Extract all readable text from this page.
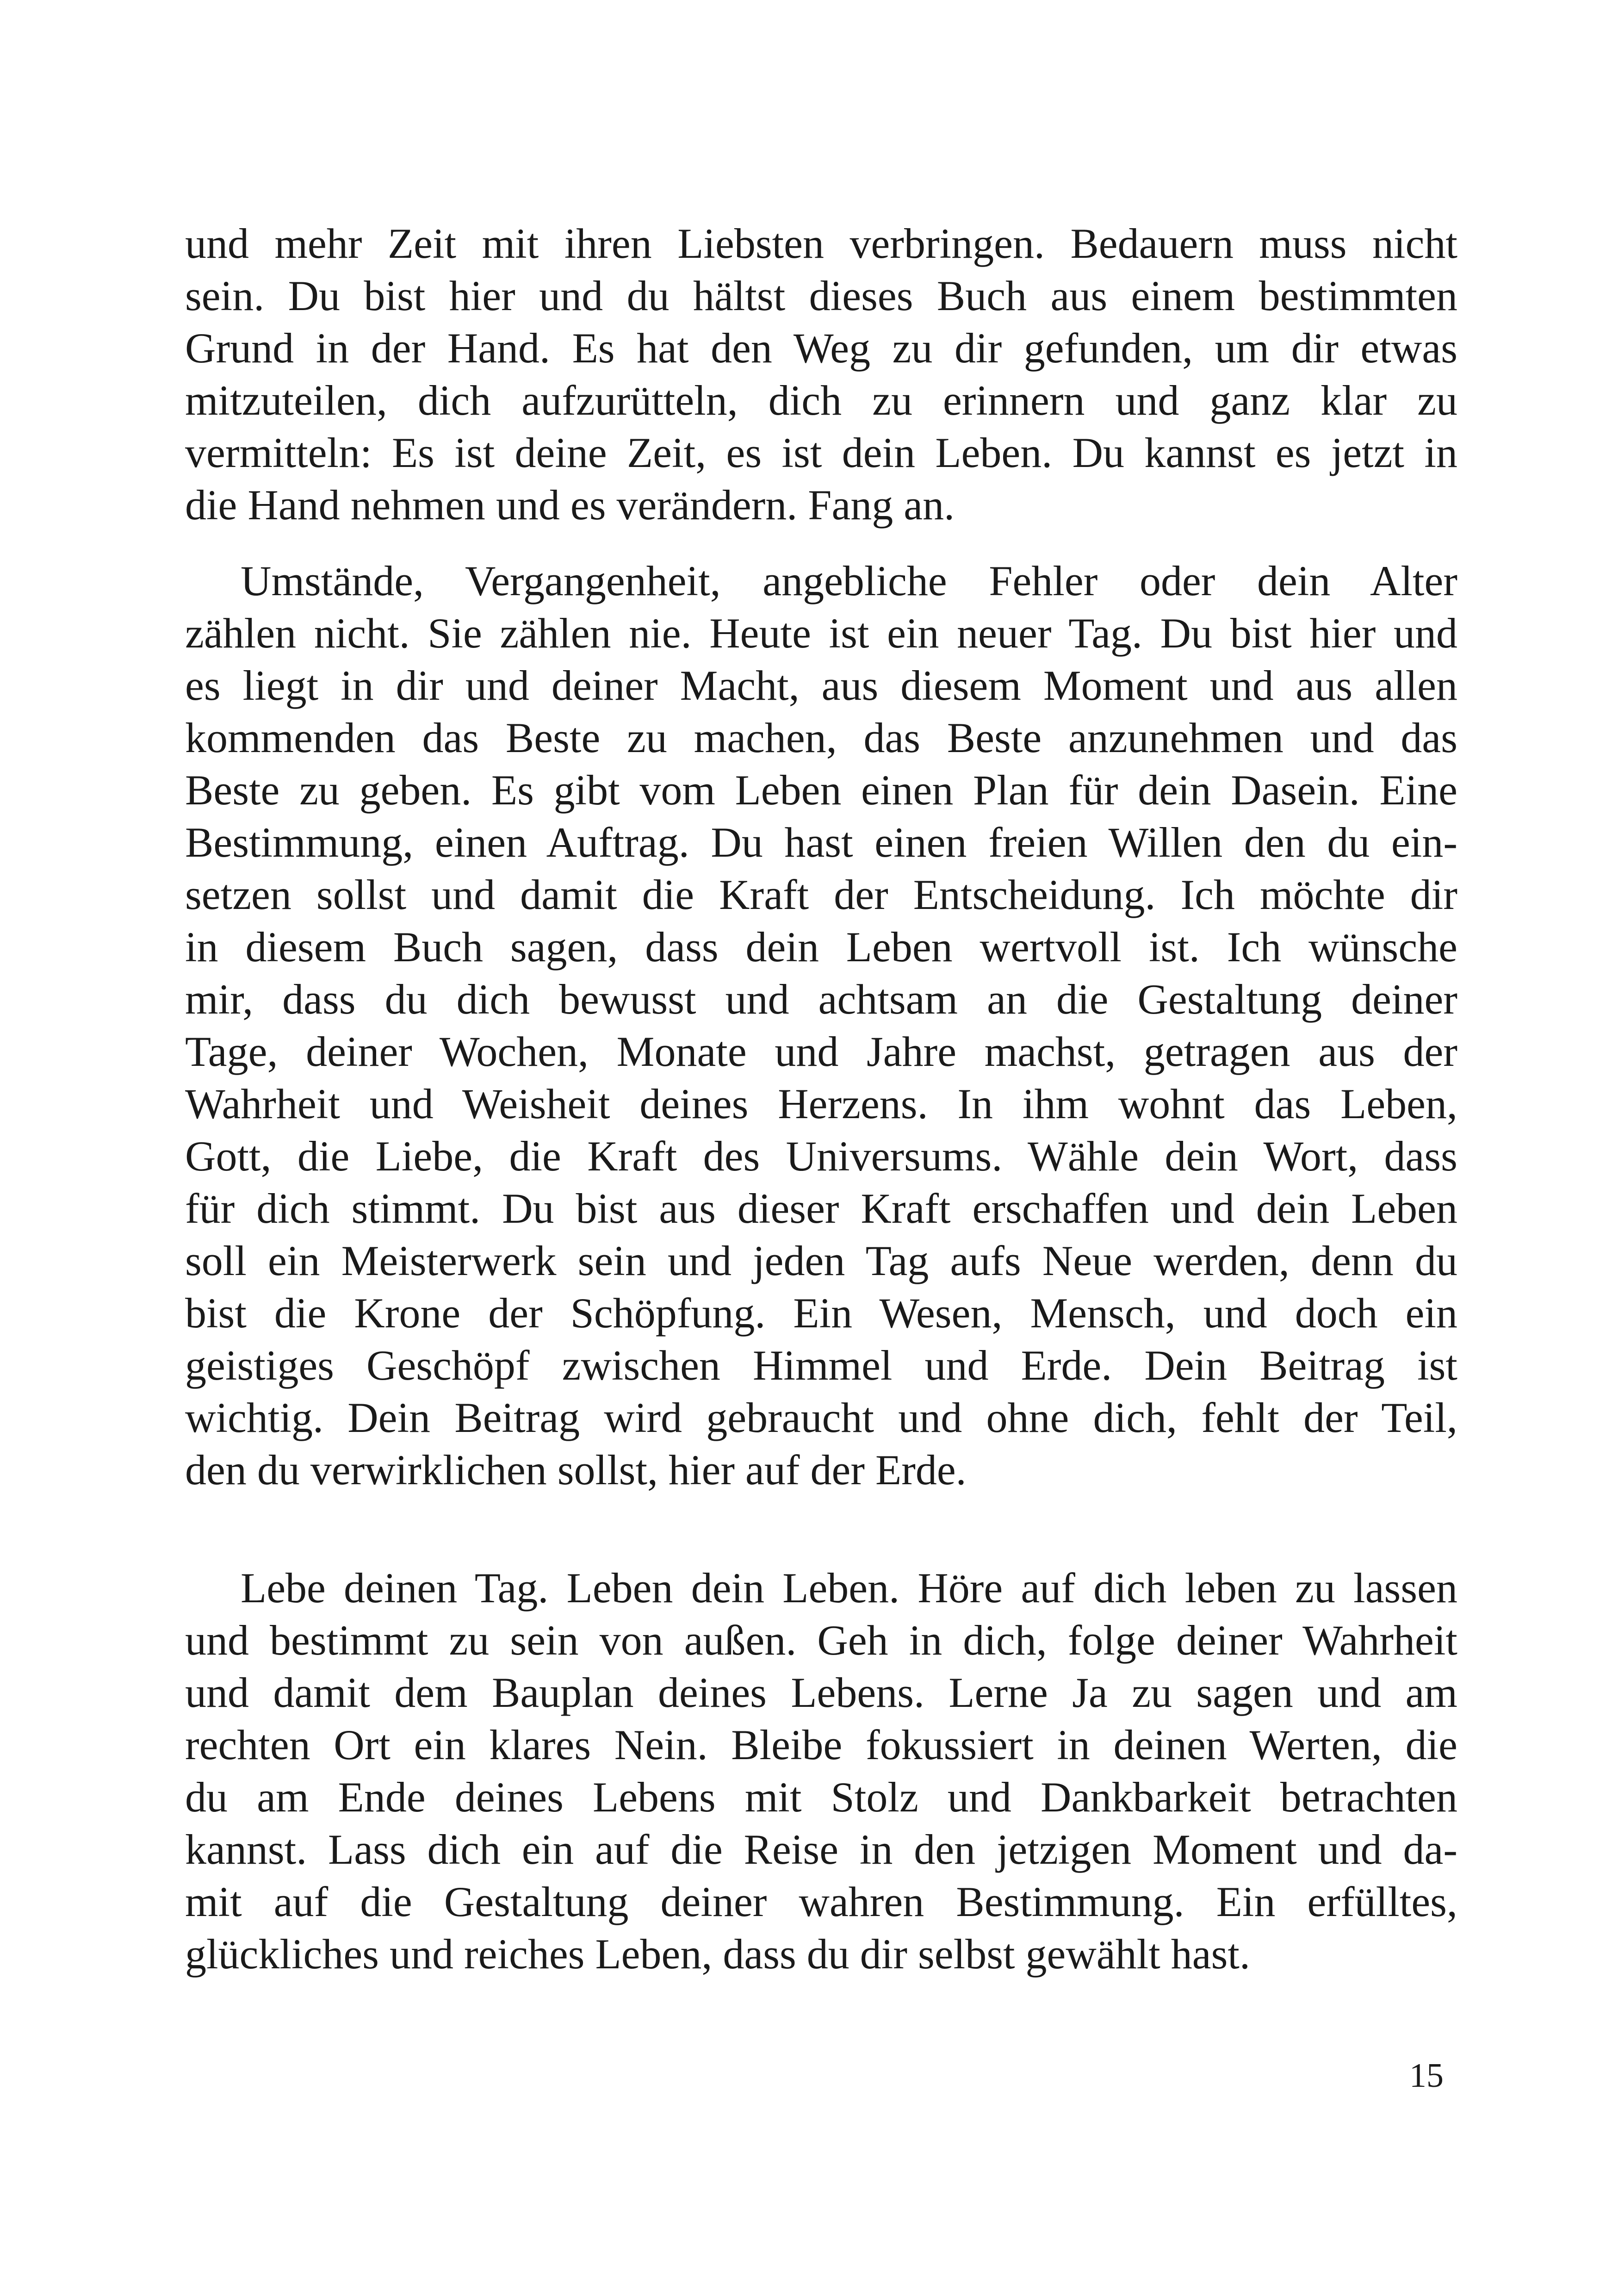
und mehr Zeit mit ihren Liebsten verbringen. Bedauern muss nicht
sein. Du bist hier und du hältst dieses Buch aus einem bestimmten
Grund in der Hand. Es hat den Weg zu dir gefunden, um dir etwas
mitzuteilen, dich aufzurütteln, dich zu erinnern und ganz klar zu
vermitteln: Es ist deine Zeit, es ist dein Leben. Du kannst es jetzt in
die Hand nehmen und es verändern. Fang an.
Umstände, Vergangenheit, angebliche Fehler oder dein Alter
zählen nicht. Sie zählen nie. Heute ist ein neuer Tag. Du bist hier und
es liegt in dir und deiner Macht, aus diesem Moment und aus allen
kommenden das Beste zu machen, das Beste anzunehmen und das
Beste zu geben. Es gibt vom Leben einen Plan für dein Dasein. Eine
Bestimmung, einen Auftrag. Du hast einen freien Willen den du ein-
setzen sollst und damit die Kraft der Entscheidung. Ich möchte dir
in diesem Buch sagen, dass dein Leben wertvoll ist. Ich wünsche
mir, dass du dich bewusst und achtsam an die Gestaltung deiner
Tage, deiner Wochen, Monate und Jahre machst, getragen aus der
Wahrheit und Weisheit deines Herzens. In ihm wohnt das Leben,
Gott, die Liebe, die Kraft des Universums. Wähle dein Wort, dass
für dich stimmt. Du bist aus dieser Kraft erschaffen und dein Leben
soll ein Meisterwerk sein und jeden Tag aufs Neue werden, denn du
bist die Krone der Schöpfung. Ein Wesen, Mensch, und doch ein
geistiges Geschöpf zwischen Himmel und Erde. Dein Beitrag ist
wichtig. Dein Beitrag wird gebraucht und ohne dich, fehlt der Teil,
den du verwirklichen sollst, hier auf der Erde.
Lebe deinen Tag. Leben dein Leben. Höre auf dich leben zu lassen
und bestimmt zu sein von außen. Geh in dich, folge deiner Wahrheit
und damit dem Bauplan deines Lebens. Lerne Ja zu sagen und am
rechten Ort ein klares Nein. Bleibe fokussiert in deinen Werten, die
du am Ende deines Lebens mit Stolz und Dankbarkeit betrachten
kannst. Lass dich ein auf die Reise in den jetzigen Moment und da-
mit auf die Gestaltung deiner wahren Bestimmung. Ein erfülltes,
glückliches und reiches Leben, dass du dir selbst gewählt hast.
15
